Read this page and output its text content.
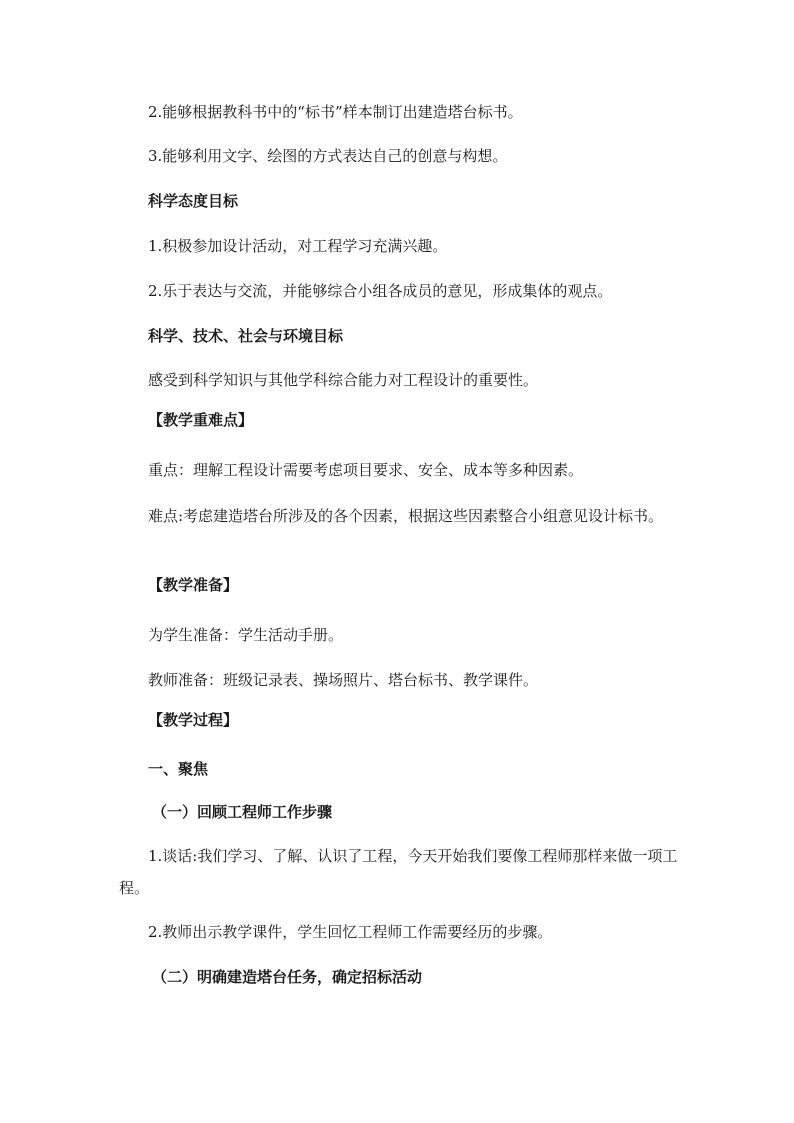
2.能够根据教科书中的“标书”样本制订出建造塔台标书。
3.能够利用文字、绘图的方式表达自己的创意与构想。
科学态度目标
1.积极参加设计活动，对工程学习充满兴趣。
2.乐于表达与交流，并能够综合小组各成员的意见，形成集体的观点。
科学、技术、社会与环境目标
感受到科学知识与其他学科综合能力对工程设计的重要性。
【教学重难点】
重点：理解工程设计需要考虑项目要求、安全、成本等多种因素。
难点:考虑建造塔台所涉及的各个因素，根据这些因素整合小组意见设计标书。
【教学准备】
为学生准备：学生活动手册。
教师准备：班级记录表、操场照片、塔台标书、教学课件。
【教学过程】
一、聚焦
（一）回顾工程师工作步骤
1.谈话:我们学习、了解、认识了工程，今天开始我们要像工程师那样来做一项工程。
2.教师出示教学课件，学生回忆工程师工作需要经历的步骤。
（二）明确建造塔台任务，确定招标活动
